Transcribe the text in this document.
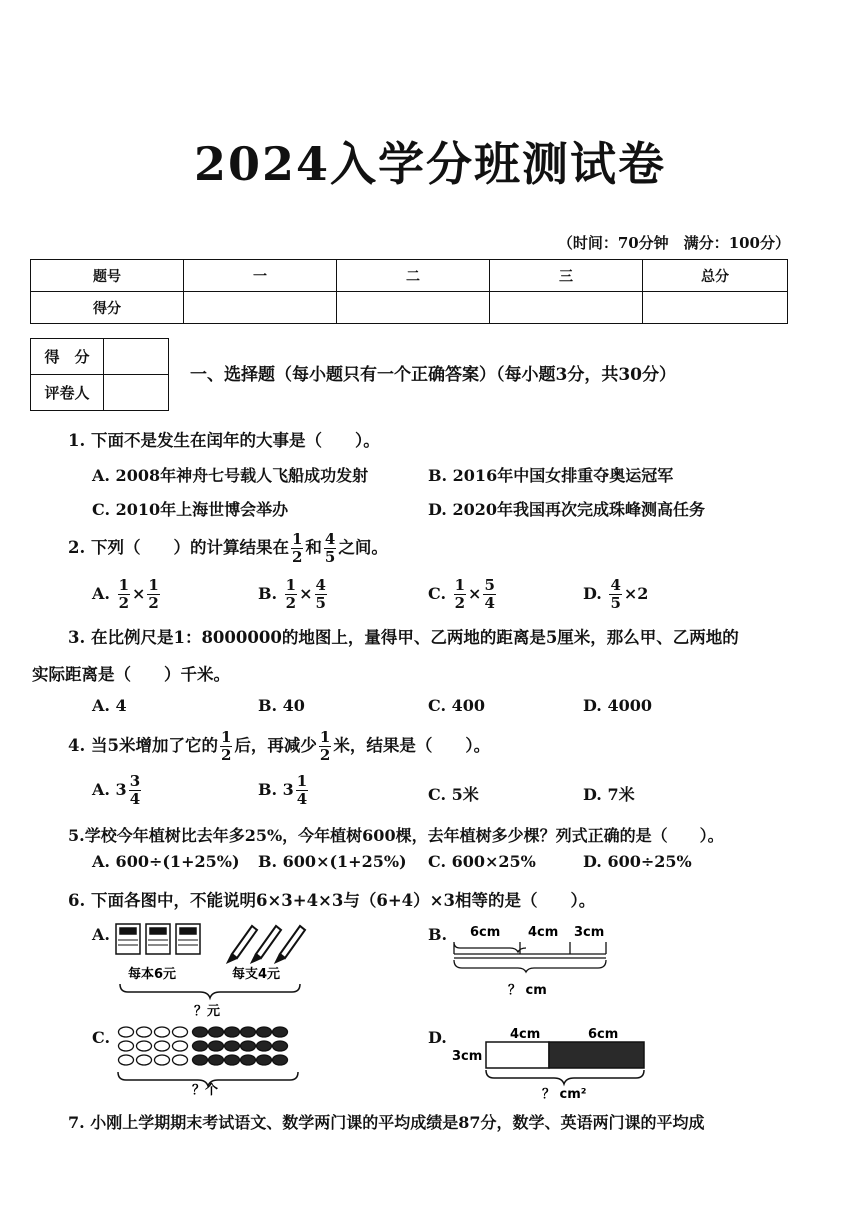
2024入学分班测试卷
（时间：70分钟　满分：100分）
题号	一	二	三	总分
得分				
得　分	
评卷人	
一、选择题（每小题只有一个正确答案）（每小题3分，共30分）
1. 下面不是发生在闰年的大事是（　　）。
A. 2008年神舟七号载人飞船成功发射	B. 2016年中国女排重夺奥运冠军
C. 2010年上海世博会举办	D. 2020年我国再次完成珠峰测高任务
2. 下列（　　）的计算结果在 $\frac{1}{2}$ 和 $\frac{4}{5}$ 之间。
A. $\frac{1}{2} \times \frac{1}{2}$	B. $\frac{1}{2} \times \frac{4}{5}$	C. $\frac{1}{2} \times \frac{5}{4}$	D. $\frac{4}{5} \times 2$
3. 在比例尺是1：8000000的地图上，量得甲、乙两地的距离是5厘米，那么甲、乙两地的
实际距离是（　　）千米。
A. 4	B. 40	C. 400	D. 4000
4. 当5米增加了它的 $\frac{1}{2}$ 后，再减少 $\frac{1}{2}$ 米，结果是（　　）。
A. $3 \frac{3}{4}$	B. $3 \frac{1}{4}$	C. 5米	D. 7米
5.学校今年植树比去年多25%，今年植树600棵，去年植树多少棵？列式正确的是（　　）。
A. 600÷(1+25%) B. 600×(1+25%) C. 600×25%	D. 600÷25%
6. 下面各图中，不能说明6×3+4×3与（6+4）×3相等的是（　　）。
A.
每本6元	每支4元
？元
B. 6cm 4cm 3cm
？ cm
C.
？个
D.	4cm	6cm
3cm
？ cm²
7. 小刚上学期期末考试语文、数学两门课的平均成绩是87分，数学、英语两门课的平均成
